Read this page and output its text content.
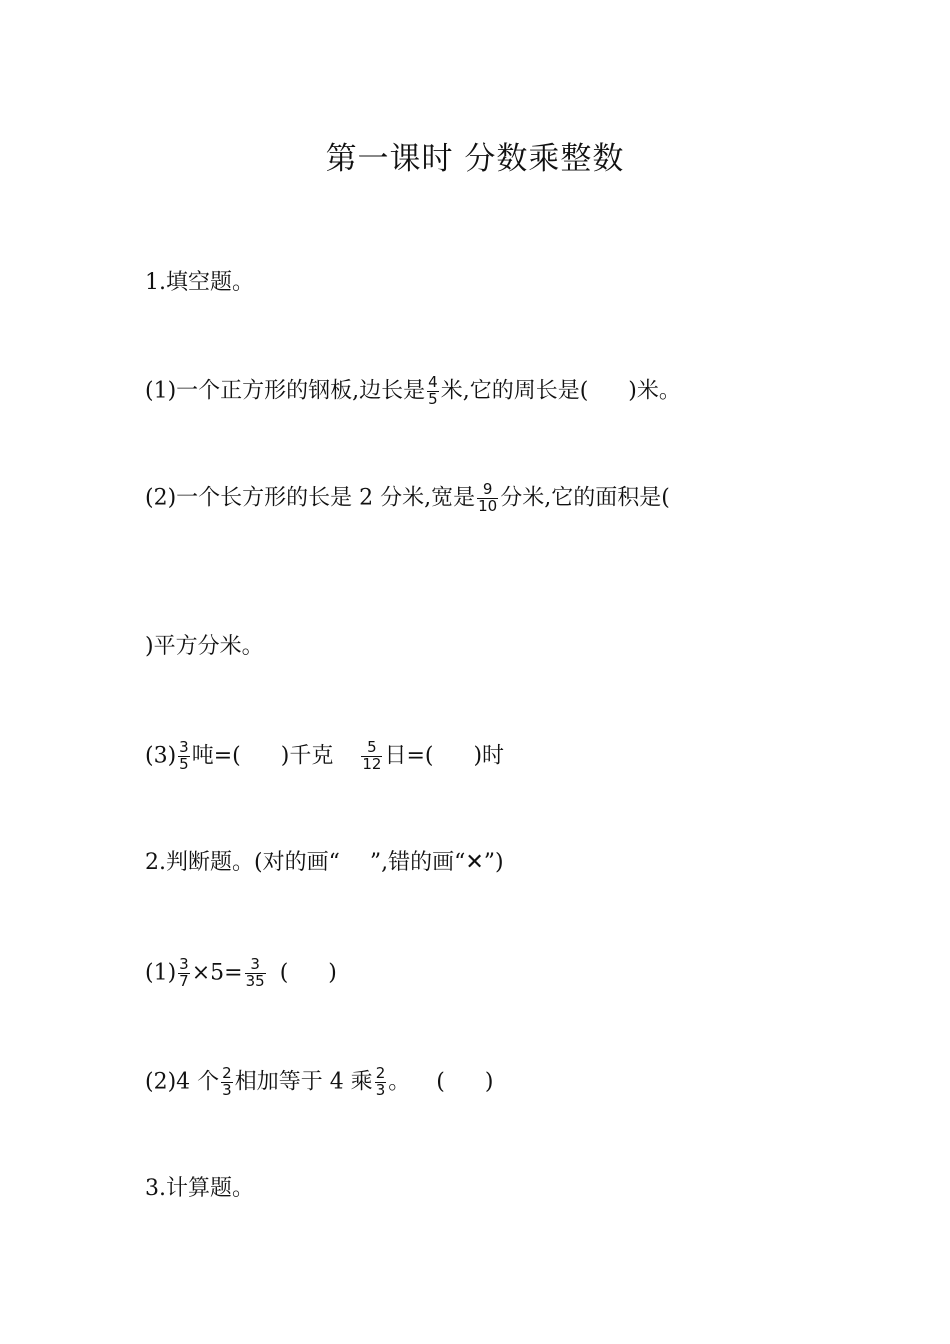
第一课时 分数乘整数
1.填空题。
(1)一个正方形的钢板,边长是 $\frac{4}{5}$ 米,它的周长是( )米。
(2)一个长方形的长是 2 分米,宽是 $\frac{9}{10}$ 分米,它的面积是(
)平方分米。
$(3) \frac{3}{5}$ 吨=( )千克 $\frac{5}{12}$ 日=( )时
2.判断题。(对的画“ ”,错的画“✕”)
$(1) \frac{3}{7} \times 5= \frac{3}{35}$ ( )
(2)4 个 $\frac{2}{3}$ 相加等于 4 乘 $\frac{2}{3}$ 。 ( )
3.计算题。
